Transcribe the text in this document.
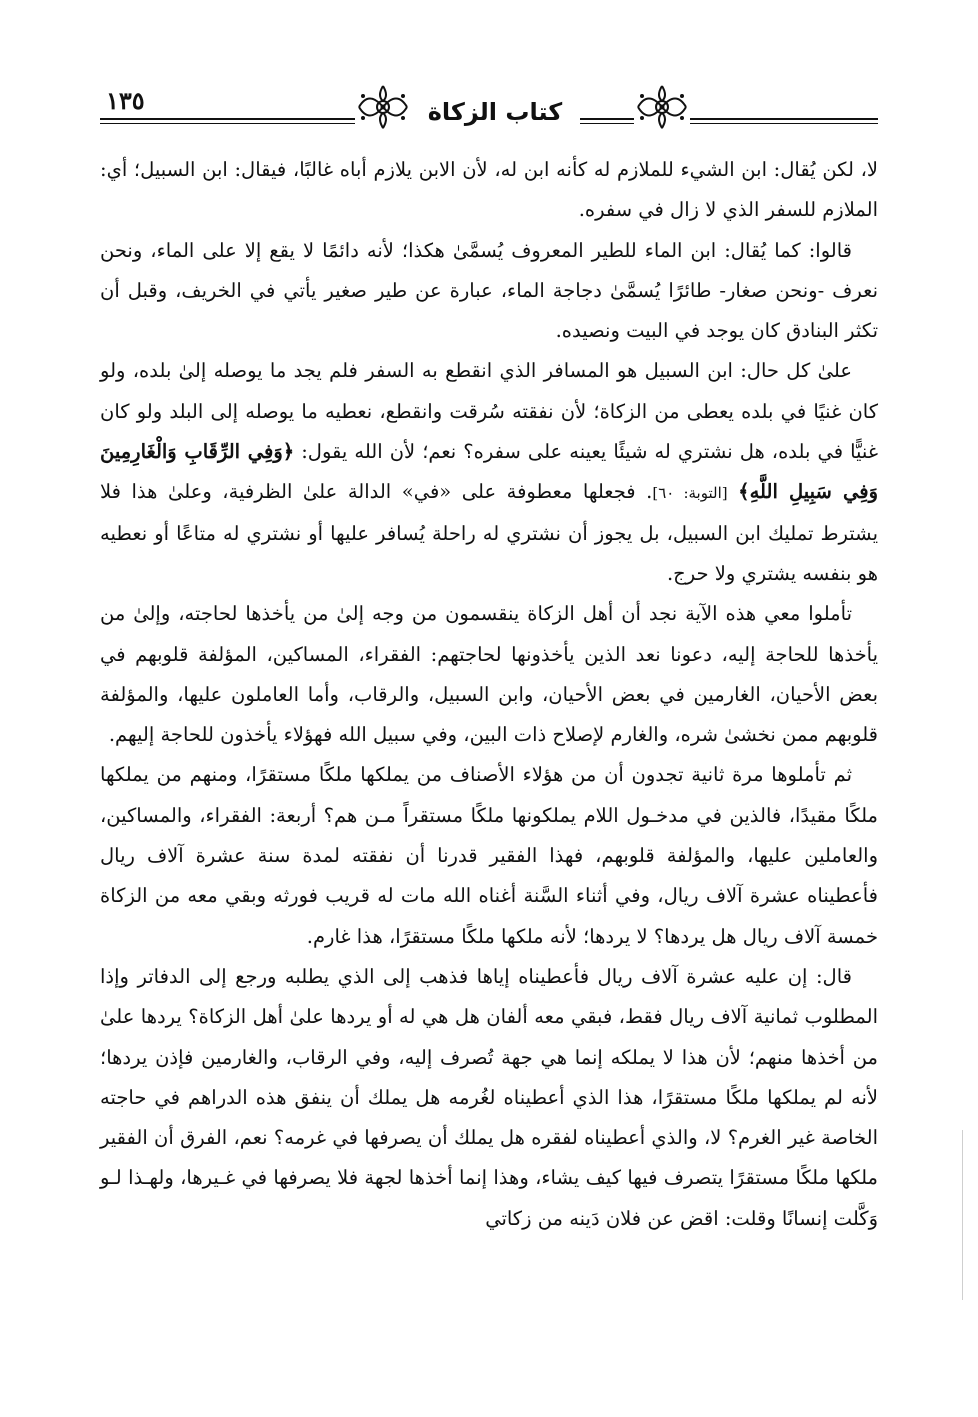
١٣٥	كتاب الزكاة

لا، لكن يُقال: ابن الشيء للملازم له كأنه ابن له، لأن الابن يلازم أباه غالبًا، فيقال: ابن السبيل؛ أي: الملازم للسفر الذي لا زال في سفره.

قالوا: كما يُقال: ابن الماء للطير المعروف يُسمَّىٰ هكذا؛ لأنه دائمًا لا يقع إلا على الماء، ونحن نعرف -ونحن صغار- طائرًا يُسمَّىٰ دجاجة الماء، عبارة عن طير صغير يأتي في الخريف، وقبل أن تكثر البنادق كان يوجد في البيت ونصيده.

علىٰ كل حال: ابن السبيل هو المسافر الذي انقطع به السفر فلم يجد ما يوصله إلىٰ بلده، ولو كان غنيًا في بلده يعطى من الزكاة؛ لأن نفقته سُرقت وانقطع، نعطيه ما يوصله إلى البلد ولو كان غنيًّا في بلده، هل نشتري له شيئًا يعينه على سفره؟ نعم؛ لأن الله يقول: ﴿وَفِي الرِّقَابِ وَالْغَارِمِينَ وَفِي سَبِيلِ اللَّهِ﴾ [التوبة: ٦٠]. فجعلها معطوفة على «في» الدالة علىٰ الظرفية، وعلىٰ هذا فلا يشترط تمليك ابن السبيل، بل يجوز أن نشتري له راحلة يُسافر عليها أو نشتري له متاعًا أو نعطيه هو بنفسه يشتري ولا حرج.

تأملوا معي هذه الآية نجد أن أهل الزكاة ينقسمون من وجه إلىٰ من يأخذها لحاجته، وإلىٰ من يأخذها للحاجة إليه، دعونا نعد الذين يأخذونها لحاجتهم: الفقراء، المساكين، المؤلفة قلوبهم في بعض الأحيان، الغارمين في بعض الأحيان، وابن السبيل، والرقاب، وأما العاملون عليها، والمؤلفة قلوبهم ممن نخشىٰ شره، والغارم لإصلاح ذات البين، وفي سبيل الله فهؤلاء يأخذون للحاجة إليهم.

ثم تأملوها مرة ثانية تجدون أن من هؤلاء الأصناف من يملكها ملكًا مستقرًا، ومنهم من يملكها ملكًا مقيدًا، فالذين في مدخـول اللام يملكونها ملكًا مستقراً مـن هم؟ أربعة: الفقراء، والمساكين، والعاملين عليها، والمؤلفة قلوبهم، فهذا الفقير قدرنا أن نفقته لمدة سنة عشرة آلاف ريال فأعطيناه عشرة آلاف ريال، وفي أثناء السَّنة أغناه الله مات له قريب فورثه وبقي معه من الزكاة خمسة آلاف ريال هل يردها؟ لا يردها؛ لأنه ملكها ملكًا مستقرًا، هذا غارم.

قال: إن عليه عشرة آلاف ريال فأعطيناه إياها فذهب إلى الذي يطلبه ورجع إلى الدفاتر وإذا المطلوب ثمانية آلاف ريال فقط، فبقي معه ألفان هل هي له أو يردها علىٰ أهل الزكاة؟ يردها علىٰ من أخذها منهم؛ لأن هذا لا يملكه إنما هي جهة تُصرف إليه، وفي الرقاب، والغارمين فإذن يردها؛ لأنه لم يملكها ملكًا مستقرًا، هذا الذي أعطيناه لغُرمه هل يملك أن ينفق هذه الدراهم في حاجته الخاصة غير الغرم؟ لا، والذي أعطيناه لفقره هل يملك أن يصرفها في غرمه؟ نعم، الفرق أن الفقير ملكها ملكًا مستقرًا يتصرف فيها كيف يشاء، وهذا إنما أخذها لجهة فلا يصرفها في غـيرها، ولهـذا لـو وَكَّلت إنسانًا وقلت: اقض عن فلان دَينه من زكاتي
